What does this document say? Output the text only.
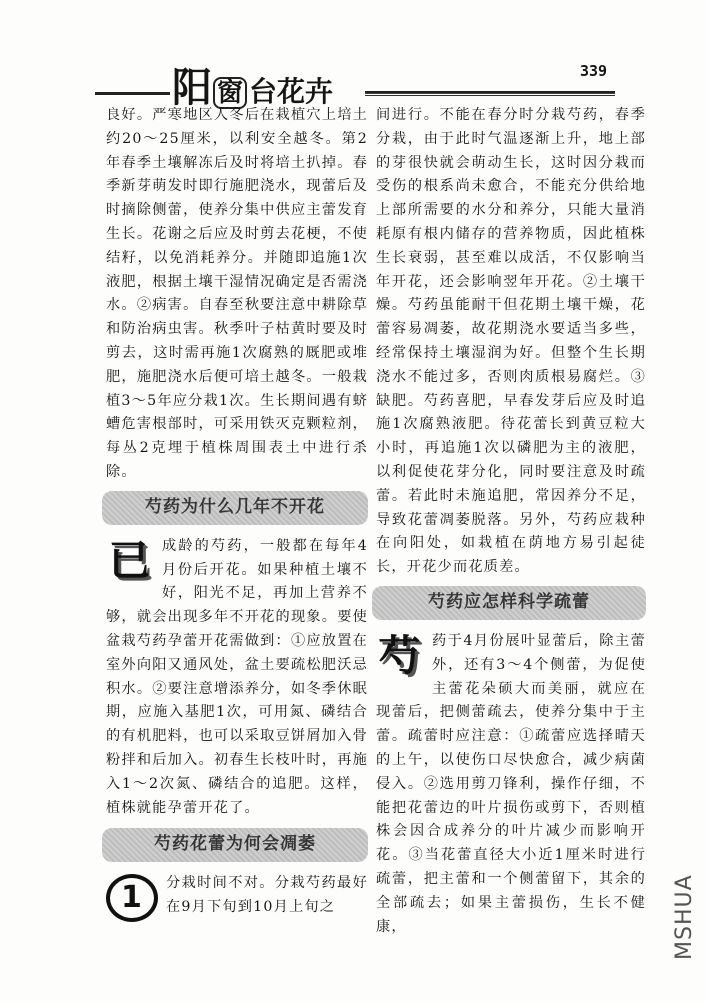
阳 窗 台花卉
339

良好。严寒地区人冬后在栽植穴上培土约20～25厘米，以利安全越冬。第2年春季土壤解冻后及时将培土扒掉。春季新芽萌发时即行施肥浇水，现蕾后及时摘除侧蕾，使养分集中供应主蕾发育生长。花谢之后应及时剪去花梗，不使结籽，以免消耗养分。并随即追施1次液肥，根据土壤干湿情况确定是否需浇水。②病害。自春至秋要注意中耕除草和防治病虫害。秋季叶子枯黄时要及时剪去，这时需再施1次腐熟的厩肥或堆肥，施肥浇水后便可培土越冬。一般栽植3～5年应分栽1次。生长期间遇有蛴螬危害根部时，可采用铁灭克颗粒剂，每丛2克埋于植株周围表土中进行杀除。

芍药为什么几年不开花

已成龄的芍药，一般都在每年4月份后开花。如果种植土壤不好，阳光不足，再加上营养不够，就会出现多年不开花的现象。要使盆栽芍药孕蕾开花需做到：①应放置在室外向阳又通风处，盆土要疏松肥沃忌积水。②要注意增添养分，如冬季休眠期，应施入基肥1次，可用氮、磷结合的有机肥料，也可以采取豆饼屑加入骨粉拌和后加入。初春生长枝叶时，再施入1～2次氮、磷结合的追肥。这样，植株就能孕蕾开花了。

芍药花蕾为何会凋萎

1	分栽时间不对。分栽芍药最好在9月下旬到10月上旬之

间进行。不能在春分时分栽芍药，春季分栽，由于此时气温逐渐上升，地上部的芽很快就会萌动生长，这时因分栽而受伤的根系尚未愈合，不能充分供给地上部所需要的水分和养分，只能大量消耗原有根内储存的营养物质，因此植株生长衰弱，甚至难以成活，不仅影响当年开花，还会影响翌年开花。②土壤干燥。芍药虽能耐干但花期土壤干燥，花蕾容易凋萎，故花期浇水要适当多些，经常保持土壤湿润为好。但整个生长期浇水不能过多，否则肉质根易腐烂。③缺肥。芍药喜肥，早春发芽后应及时追施1次腐熟液肥。待花蕾长到黄豆粒大小时，再追施1次以磷肥为主的液肥，以利促使花芽分化，同时要注意及时疏蕾。若此时未施追肥，常因养分不足，导致花蕾凋萎脱落。另外，芍药应栽种在向阳处，如栽植在荫地方易引起徒长，开花少而花质差。

芍药应怎样科学疏蕾

芍药于4月份展叶显蕾后，除主蕾外，还有3～4个侧蕾，为促使主蕾花朵硕大而美丽，就应在现蕾后，把侧蕾疏去，使养分集中于主蕾。疏蕾时应注意：①疏蕾应选择晴天的上午，以使伤口尽快愈合，减少病菌侵入。②选用剪刀锋利，操作仔细，不能把花蕾边的叶片损伤或剪下，否则植株会因合成养分的叶片减少而影响开花。③当花蕾直径大小近1厘米时进行疏蕾，把主蕾和一个侧蕾留下，其余的全部疏去；如果主蕾损伤，生长不健康，	MSHUA
